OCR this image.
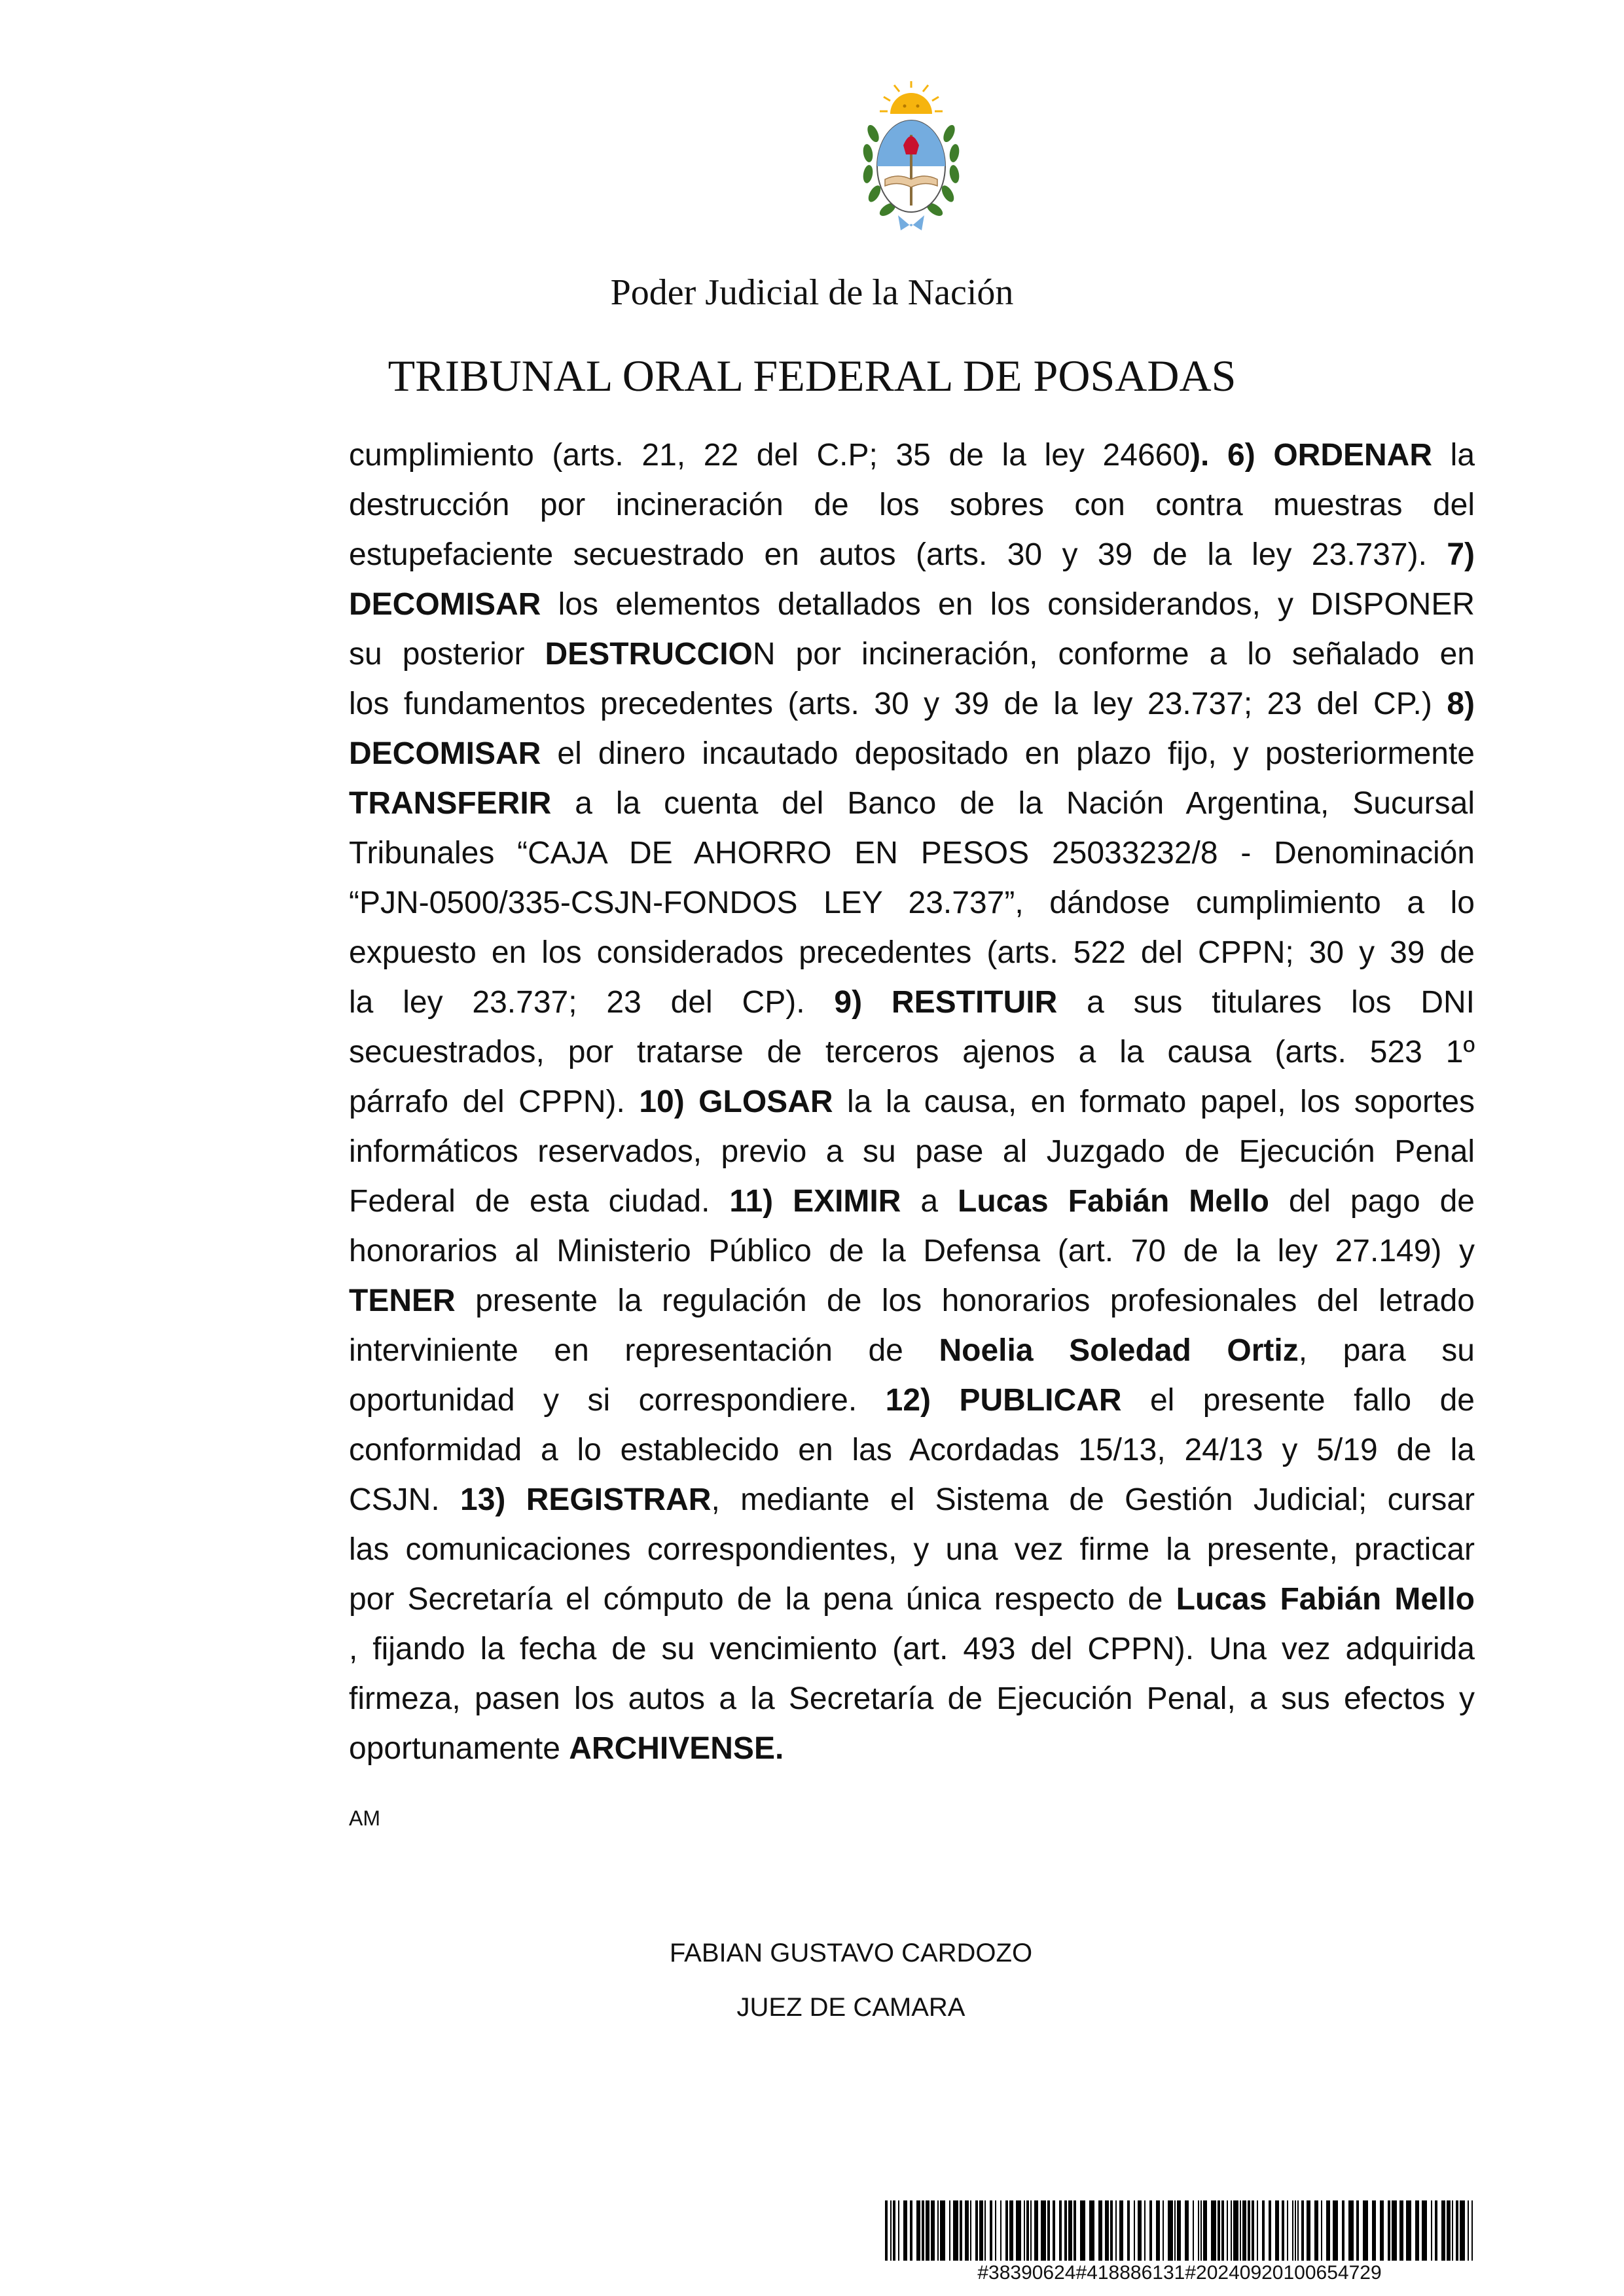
Poder Judicial de la Nación
TRIBUNAL ORAL FEDERAL DE POSADAS
cumplimiento (arts. 21, 22 del C.P; 35 de la ley 24660). 6) ORDENAR la
destrucción por incineración de los sobres con contra muestras del
estupefaciente secuestrado en autos (arts. 30 y 39 de la ley 23.737). 7)
DECOMISAR los elementos detallados en los considerandos, y DISPONER
su posterior DESTRUCCION por incineración, conforme a lo señalado en
los fundamentos precedentes (arts. 30 y 39 de la ley 23.737; 23 del CP.) 8)
DECOMISAR el dinero incautado depositado en plazo fijo, y posteriormente
TRANSFERIR a la cuenta del Banco de la Nación Argentina, Sucursal
Tribunales “CAJA DE AHORRO EN PESOS 25033232/8 - Denominación
“PJN-0500/335-CSJN-FONDOS LEY 23.737”, dándose cumplimiento a lo
expuesto en los considerados precedentes (arts. 522 del CPPN; 30 y 39 de
la ley 23.737; 23 del CP). 9) RESTITUIR a sus titulares los DNI
secuestrados, por tratarse de terceros ajenos a la causa (arts. 523 1º
párrafo del CPPN). 10) GLOSAR la la causa, en formato papel, los soportes
informáticos reservados, previo a su pase al Juzgado de Ejecución Penal
Federal de esta ciudad. 11) EXIMIR a Lucas Fabián Mello del pago de
honorarios al Ministerio Público de la Defensa (art. 70 de la ley 27.149) y
TENER presente la regulación de los honorarios profesionales del letrado
interviniente en representación de Noelia Soledad Ortiz, para su
oportunidad y si correspondiere. 12) PUBLICAR el presente fallo de
conformidad a lo establecido en las Acordadas 15/13, 24/13 y 5/19 de la
CSJN. 13) REGISTRAR, mediante el Sistema de Gestión Judicial; cursar
las comunicaciones correspondientes, y una vez firme la presente, practicar
por Secretaría el cómputo de la pena única respecto de Lucas Fabián Mello
, fijando la fecha de su vencimiento (art. 493 del CPPN). Una vez adquirida
firmeza, pasen los autos a la Secretaría de Ejecución Penal, a sus efectos y
oportunamente ARCHIVENSE.
AM
FABIAN GUSTAVO CARDOZO
JUEZ DE CAMARA
#38390624#418886131#20240920100654729
